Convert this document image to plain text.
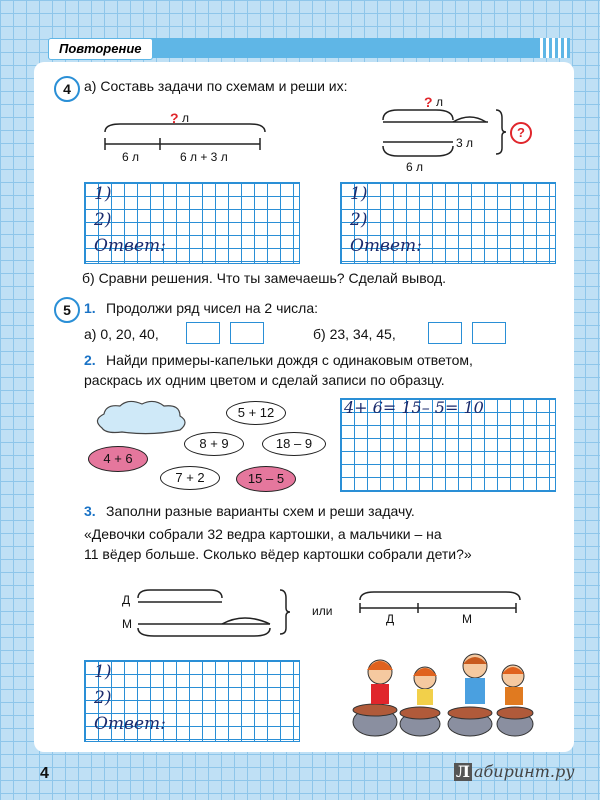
Повторение
4 а) Составь задачи по схемам и реши их:
? л
6 л	6 л + 3 л
? л
3 л
6 л
?
1)
2)
Ответ:
1)
2)
Ответ:
б) Сравни решения. Что ты замечаешь? Сделай вывод.
5 1. Продолжи ряд чисел на 2 числа:
а) 0, 20, 40,	б) 23, 34, 45,
2. Найди примеры-капельки дождя с одинаковым ответом,
раскрась их одним цветом и сделай записи по образцу.
5 + 12
8 + 9	18 – 9
4 + 6
7 + 2	15 – 5
4+ 6= 15– 5= 10
3. Заполни разные варианты схем и реши задачу.
«Девочки собрали 32 ведра картошки, а мальчики – на
11 вёдер больше. Сколько вёдер картошки собрали дети?»
Д
М
или
Д	М
1)
2)
Ответ:
4	Л абиринт.ру
